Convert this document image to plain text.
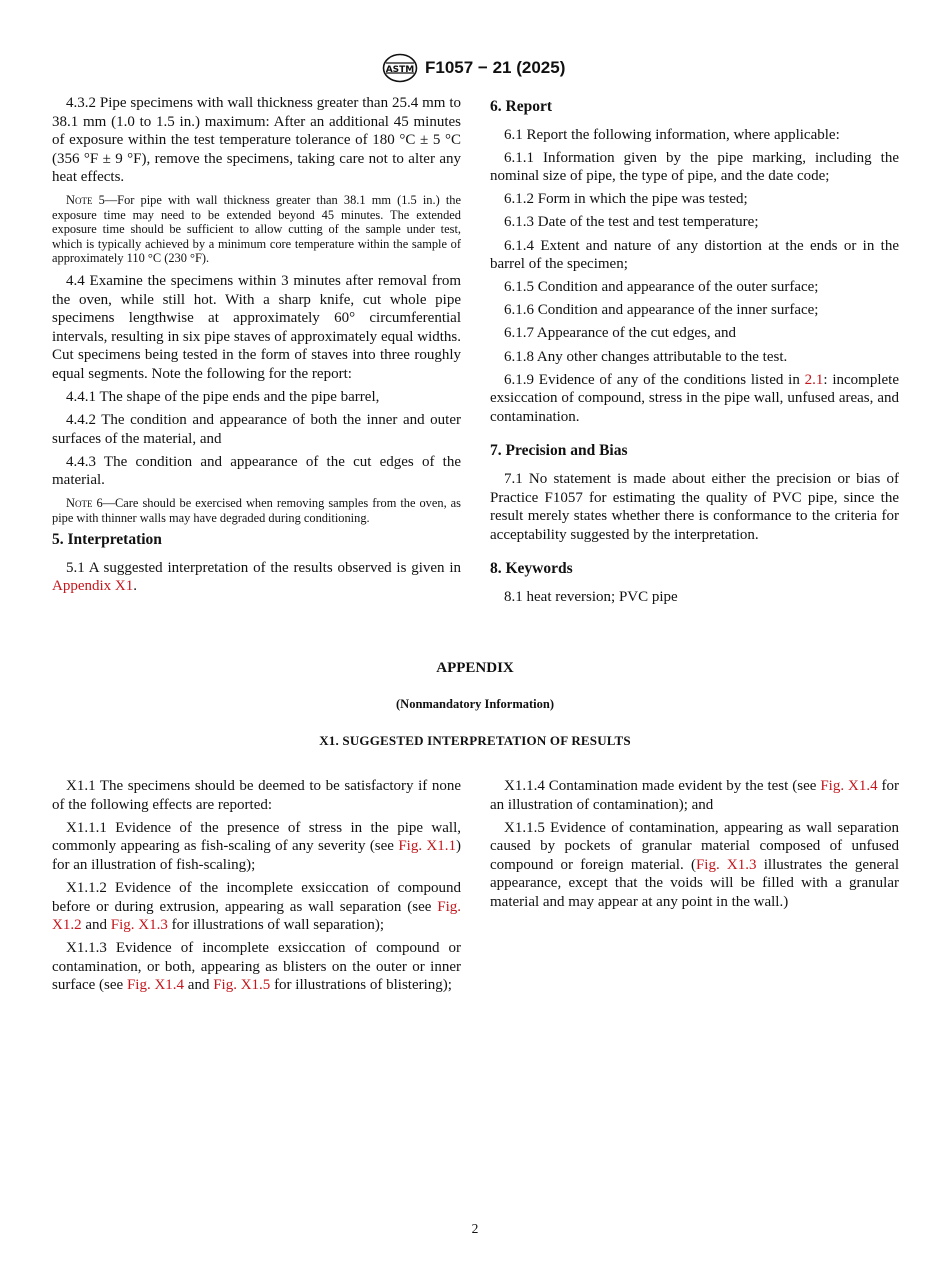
ASTM F1057 − 21 (2025)

4.3.2 Pipe specimens with wall thickness greater than 25.4 mm to 38.1 mm (1.0 to 1.5 in.) maximum: After an additional 45 minutes of exposure within the test temperature tolerance of 180 °C ± 5 °C (356 °F ± 9 °F), remove the specimens, taking care not to alter any heat effects.

Note 5—For pipe with wall thickness greater than 38.1 mm (1.5 in.) the exposure time may need to be extended beyond 45 minutes. The extended exposure time should be sufficient to allow cutting of the sample under test, which is typically achieved by a minimum core temperature within the sample of approximately 110 °C (230 °F).

4.4 Examine the specimens within 3 minutes after removal from the oven, while still hot. With a sharp knife, cut whole pipe specimens lengthwise at approximately 60° circumferential intervals, resulting in six pipe staves of approximately equal widths. Cut specimens being tested in the form of staves into three roughly equal segments. Note the following for the report:

4.4.1 The shape of the pipe ends and the pipe barrel,

4.4.2 The condition and appearance of both the inner and outer surfaces of the material, and

4.4.3 The condition and appearance of the cut edges of the material.

Note 6—Care should be exercised when removing samples from the oven, as pipe with thinner walls may have degraded during conditioning.
5. Interpretation

5.1 A suggested interpretation of the results observed is given in Appendix X1.

6. Report

6.1 Report the following information, where applicable:

6.1.1 Information given by the pipe marking, including the nominal size of pipe, the type of pipe, and the date code;

6.1.2 Form in which the pipe was tested;

6.1.3 Date of the test and test temperature;

6.1.4 Extent and nature of any distortion at the ends or in the barrel of the specimen;

6.1.5 Condition and appearance of the outer surface;

6.1.6 Condition and appearance of the inner surface;

6.1.7 Appearance of the cut edges, and

6.1.8 Any other changes attributable to the test.

6.1.9 Evidence of any of the conditions listed in 2.1: incomplete exsiccation of compound, stress in the pipe wall, unfused areas, and contamination.

7. Precision and Bias

7.1 No statement is made about either the precision or bias of Practice F1057 for estimating the quality of PVC pipe, since the result merely states whether there is conformance to the criteria for acceptability suggested by the interpretation.

8. Keywords

8.1 heat reversion; PVC pipe

APPENDIX
(Nonmandatory Information)
X1. SUGGESTED INTERPRETATION OF RESULTS

X1.1 The specimens should be deemed to be satisfactory if none of the following effects are reported:

X1.1.1 Evidence of the presence of stress in the pipe wall, commonly appearing as fish-scaling of any severity (see Fig. X1.1) for an illustration of fish-scaling);

X1.1.2 Evidence of the incomplete exsiccation of compound before or during extrusion, appearing as wall separation (see Fig. X1.2 and Fig. X1.3 for illustrations of wall separation);

X1.1.3 Evidence of incomplete exsiccation of compound or contamination, or both, appearing as blisters on the outer or inner surface (see Fig. X1.4 and Fig. X1.5 for illustrations of blistering);

X1.1.4 Contamination made evident by the test (see Fig. X1.4 for an illustration of contamination); and

X1.1.5 Evidence of contamination, appearing as wall separation caused by pockets of granular material composed of unfused compound or foreign material. (Fig. X1.3 illustrates the general appearance, except that the voids will be filled with a granular material and may appear at any point in the wall.)

2
